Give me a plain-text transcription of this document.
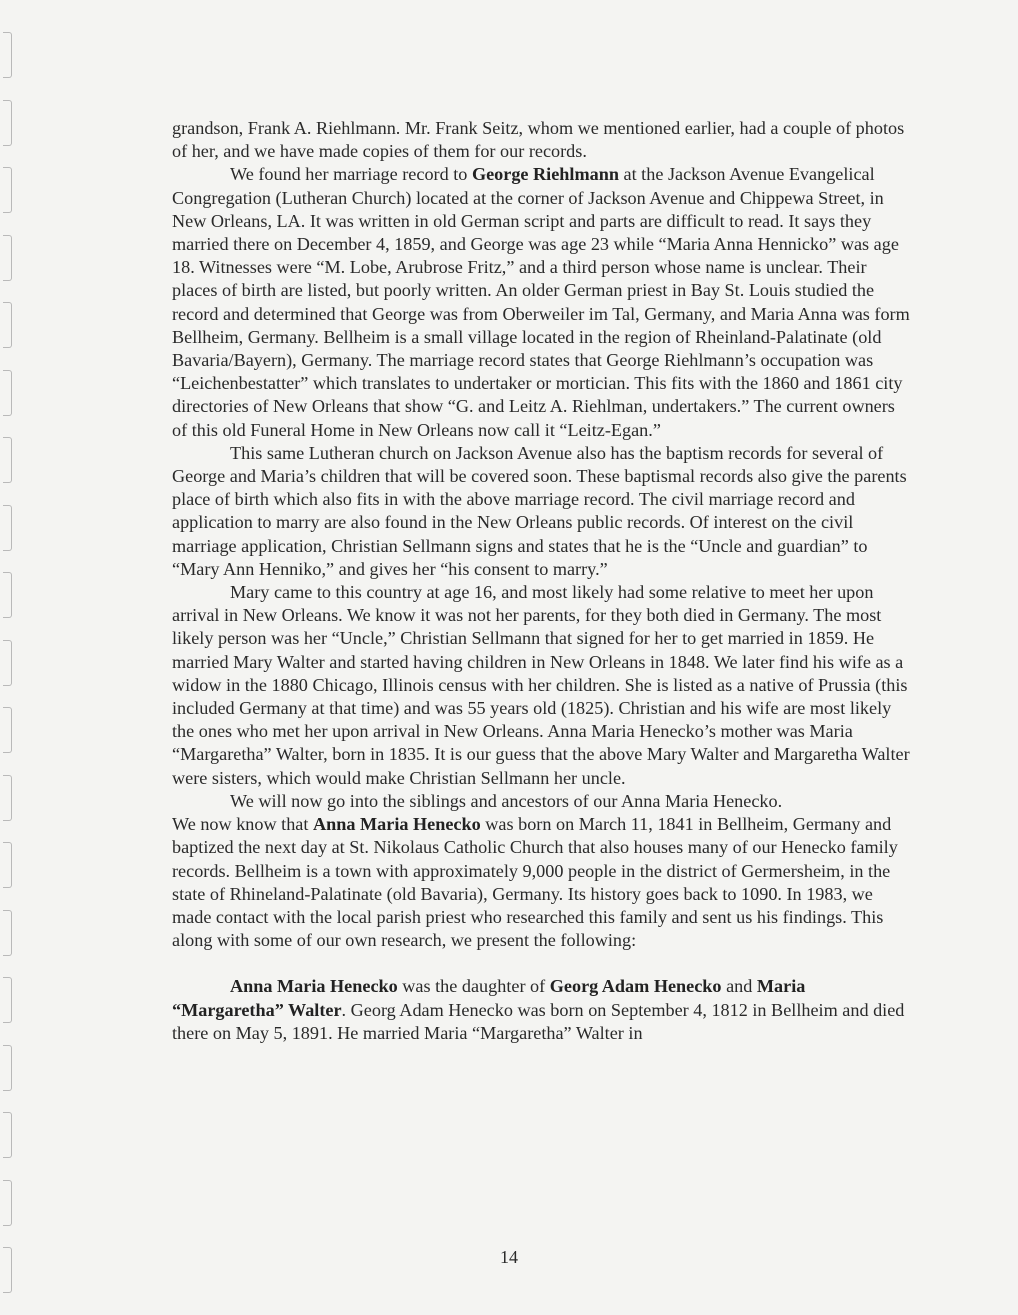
grandson, Frank A. Riehlmann. Mr. Frank Seitz, whom we mentioned earlier, had a couple of photos of her, and we have made copies of them for our records.

We found her marriage record to George Riehlmann at the Jackson Avenue Evangelical Congregation (Lutheran Church) located at the corner of Jackson Avenue and Chippewa Street, in New Orleans, LA. It was written in old German script and parts are difficult to read. It says they married there on December 4, 1859, and George was age 23 while “Maria Anna Hennicko” was age 18. Witnesses were “M. Lobe, Arubrose Fritz,” and a third person whose name is unclear. Their places of birth are listed, but poorly written. An older German priest in Bay St. Louis studied the record and determined that George was from Oberweiler im Tal, Germany, and Maria Anna was form Bellheim, Germany. Bellheim is a small village located in the region of Rheinland-Palatinate (old Bavaria/Bayern), Germany. The marriage record states that George Riehlmann’s occupation was “Leichenbestatter” which translates to undertaker or mortician. This fits with the 1860 and 1861 city directories of New Orleans that show “G. and Leitz A. Riehlman, undertakers.” The current owners of this old Funeral Home in New Orleans now call it “Leitz-Egan.”

This same Lutheran church on Jackson Avenue also has the baptism records for several of George and Maria’s children that will be covered soon. These baptismal records also give the parents place of birth which also fits in with the above marriage record. The civil marriage record and application to marry are also found in the New Orleans public records. Of interest on the civil marriage application, Christian Sellmann signs and states that he is the “Uncle and guardian” to “Mary Ann Henniko,” and gives her “his consent to marry.”

Mary came to this country at age 16, and most likely had some relative to meet her upon arrival in New Orleans. We know it was not her parents, for they both died in Germany. The most likely person was her “Uncle,” Christian Sellmann that signed for her to get married in 1859. He married Mary Walter and started having children in New Orleans in 1848. We later find his wife as a widow in the 1880 Chicago, Illinois census with her children. She is listed as a native of Prussia (this included Germany at that time) and was 55 years old (1825). Christian and his wife are most likely the ones who met her upon arrival in New Orleans. Anna Maria Henecko’s mother was Maria “Margaretha” Walter, born in 1835. It is our guess that the above Mary Walter and Margaretha Walter were sisters, which would make Christian Sellmann her uncle.

We will now go into the siblings and ancestors of our Anna Maria Henecko.

We now know that Anna Maria Henecko was born on March 11, 1841 in Bellheim, Germany and baptized the next day at St. Nikolaus Catholic Church that also houses many of our Henecko family records. Bellheim is a town with approximately 9,000 people in the district of Germersheim, in the state of Rhineland-Palatinate (old Bavaria), Germany. Its history goes back to 1090. In 1983, we made contact with the local parish priest who researched this family and sent us his findings. This along with some of our own research, we present the following:

Anna Maria Henecko was the daughter of Georg Adam Henecko and Maria “Margaretha” Walter. Georg Adam Henecko was born on September 4, 1812 in Bellheim and died there on May 5, 1891. He married Maria “Margaretha” Walter in

14
